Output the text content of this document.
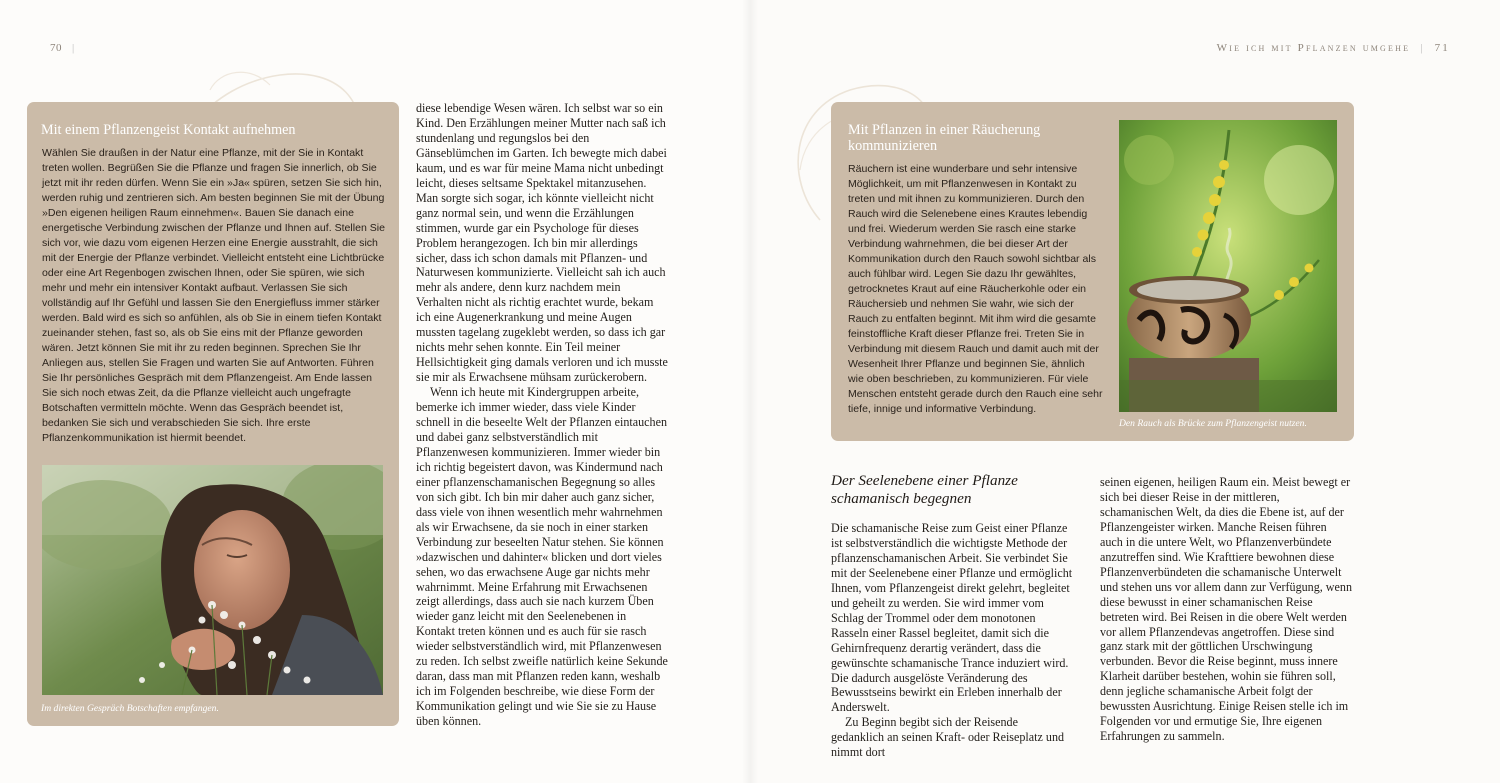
70 |	Wie ich mit Pflanzen umgehe | 71
Mit einem Pflanzengeist Kontakt aufnehmen
Wählen Sie draußen in der Natur eine Pflanze, mit der Sie in Kontakt treten wollen. Begrüßen Sie die Pflanze und fragen Sie innerlich, ob Sie jetzt mit ihr reden dürfen. Wenn Sie ein »Ja« spüren, setzen Sie sich hin, werden ruhig und zentrieren sich. Am besten beginnen Sie mit der Übung »Den eigenen heiligen Raum einnehmen«. Bauen Sie danach eine energetische Verbindung zwischen der Pflanze und Ihnen auf. Stellen Sie sich vor, wie dazu vom eigenen Herzen eine Energie ausstrahlt, die sich mit der Energie der Pflanze verbindet. Vielleicht entsteht eine Lichtbrücke oder eine Art Regenbogen zwischen Ihnen, oder Sie spüren, wie sich mehr und mehr ein intensiver Kontakt aufbaut. Verlassen Sie sich vollständig auf Ihr Gefühl und lassen Sie den Energiefluss immer stärker werden. Bald wird es sich so anfühlen, als ob Sie in einem tiefen Kontakt zueinander stehen, fast so, als ob Sie eins mit der Pflanze geworden wären. Jetzt können Sie mit ihr zu reden beginnen. Sprechen Sie Ihr Anliegen aus, stellen Sie Fragen und warten Sie auf Antworten. Führen Sie Ihr persönliches Gespräch mit dem Pflanzengeist. Am Ende lassen Sie sich noch etwas Zeit, da die Pflanze vielleicht auch ungefragte Botschaften vermitteln möchte. Wenn das Gespräch beendet ist, bedanken Sie sich und verabschieden Sie sich. Ihre erste Pflanzenkommunikation ist hiermit beendet.
Im direkten Gespräch Botschaften empfangen.

diese lebendige Wesen wären. Ich selbst war so ein Kind. Den Erzählungen meiner Mutter nach saß ich stundenlang und regungslos bei den Gänseblümchen im Garten. Ich bewegte mich dabei kaum, und es war für meine Mama nicht unbedingt leicht, dieses seltsame Spektakel mitanzusehen. Man sorgte sich sogar, ich könnte vielleicht nicht ganz normal sein, und wenn die Erzählungen stimmen, wurde gar ein Psychologe für dieses Problem herangezogen. Ich bin mir allerdings sicher, dass ich schon damals mit Pflanzen- und Naturwesen kommunizierte. Vielleicht sah ich auch mehr als andere, denn kurz nachdem mein Verhalten nicht als richtig erachtet wurde, bekam ich eine Augenerkrankung und meine Augen mussten tagelang zugeklebt werden, so dass ich gar nichts mehr sehen konnte. Ein Teil meiner Hellsichtigkeit ging damals verloren und ich musste sie mir als Erwachsene mühsam zurückerobern.

Wenn ich heute mit Kindergruppen arbeite, bemerke ich immer wieder, dass viele Kinder schnell in die beseelte Welt der Pflanzen eintauchen und dabei ganz selbstverständlich mit Pflanzenwesen kommunizieren. Immer wieder bin ich richtig begeistert davon, was Kindermund nach einer pflanzenschamanischen Begegnung so alles von sich gibt. Ich bin mir daher auch ganz sicher, dass viele von ihnen wesentlich mehr wahrnehmen als wir Erwachsene, da sie noch in einer starken Verbindung zur beseelten Natur stehen. Sie können »dazwischen und dahinter« blicken und dort vieles sehen, wo das erwachsene Auge gar nichts mehr wahrnimmt. Meine Erfahrung mit Erwachsenen zeigt allerdings, dass auch sie nach kurzem Üben wieder ganz leicht mit den Seelenebenen in Kontakt treten können und es auch für sie rasch wieder selbstverständlich wird, mit Pflanzenwesen zu reden. Ich selbst zweifle natürlich keine Sekunde daran, dass man mit Pflanzen reden kann, weshalb ich im Folgenden beschreibe, wie diese Form der Kommunikation gelingt und wie Sie sie zu Hause üben können.

Mit Pflanzen in einer Räucherung kommunizieren
Räuchern ist eine wunderbare und sehr intensive Möglichkeit, um mit Pflanzenwesen in Kontakt zu treten und mit ihnen zu kommunizieren. Durch den Rauch wird die Selenebene eines Krautes lebendig und frei. Wiederum werden Sie rasch eine starke Verbindung wahrnehmen, die bei dieser Art der Kommunikation durch den Rauch sowohl sichtbar als auch fühlbar wird. Legen Sie dazu Ihr gewähltes, getrocknetes Kraut auf eine Räucherkohle oder ein Räuchersieb und nehmen Sie wahr, wie sich der Rauch zu entfalten beginnt. Mit ihm wird die gesamte feinstoffliche Kraft dieser Pflanze frei. Treten Sie in Verbindung mit diesem Rauch und damit auch mit der Wesenheit Ihrer Pflanze und beginnen Sie, ähnlich wie oben beschrieben, zu kommunizieren. Für viele Menschen entsteht gerade durch den Rauch eine sehr tiefe, innige und informative Verbindung.
Den Rauch als Brücke zum Pflanzengeist nutzen.
Der Seelenebene einer Pflanze schamanisch begegnen

Die schamanische Reise zum Geist einer Pflanze ist selbstverständlich die wichtigste Methode der pflanzenschamanischen Arbeit. Sie verbindet Sie mit der Seelenebene einer Pflanze und ermöglicht Ihnen, vom Pflanzengeist direkt gelehrt, begleitet und geheilt zu werden. Sie wird immer vom Schlag der Trommel oder dem monotonen Rasseln einer Rassel begleitet, damit sich die Gehirnfrequenz derartig verändert, dass die gewünschte schamanische Trance induziert wird. Die dadurch ausgelöste Veränderung des Bewusstseins bewirkt ein Erleben innerhalb der Anderswelt.

Zu Beginn begibt sich der Reisende gedanklich an seinen Kraft- oder Reiseplatz und nimmt dort

seinen eigenen, heiligen Raum ein. Meist bewegt er sich bei dieser Reise in der mittleren, schamanischen Welt, da dies die Ebene ist, auf der Pflanzengeister wirken. Manche Reisen führen auch in die untere Welt, wo Pflanzenverbündete anzutreffen sind. Wie Krafttiere bewohnen diese Pflanzenverbündeten die schamanische Unterwelt und stehen uns vor allem dann zur Verfügung, wenn diese bewusst in einer schamanischen Reise betreten wird. Bei Reisen in die obere Welt werden vor allem Pflanzendevas angetroffen. Diese sind ganz stark mit der göttlichen Urschwingung verbunden. Bevor die Reise beginnt, muss innere Klarheit darüber bestehen, wohin sie führen soll, denn jegliche schamanische Arbeit folgt der bewussten Ausrichtung. Einige Reisen stelle ich im Folgenden vor und ermutige Sie, Ihre eigenen Erfahrungen zu sammeln.
